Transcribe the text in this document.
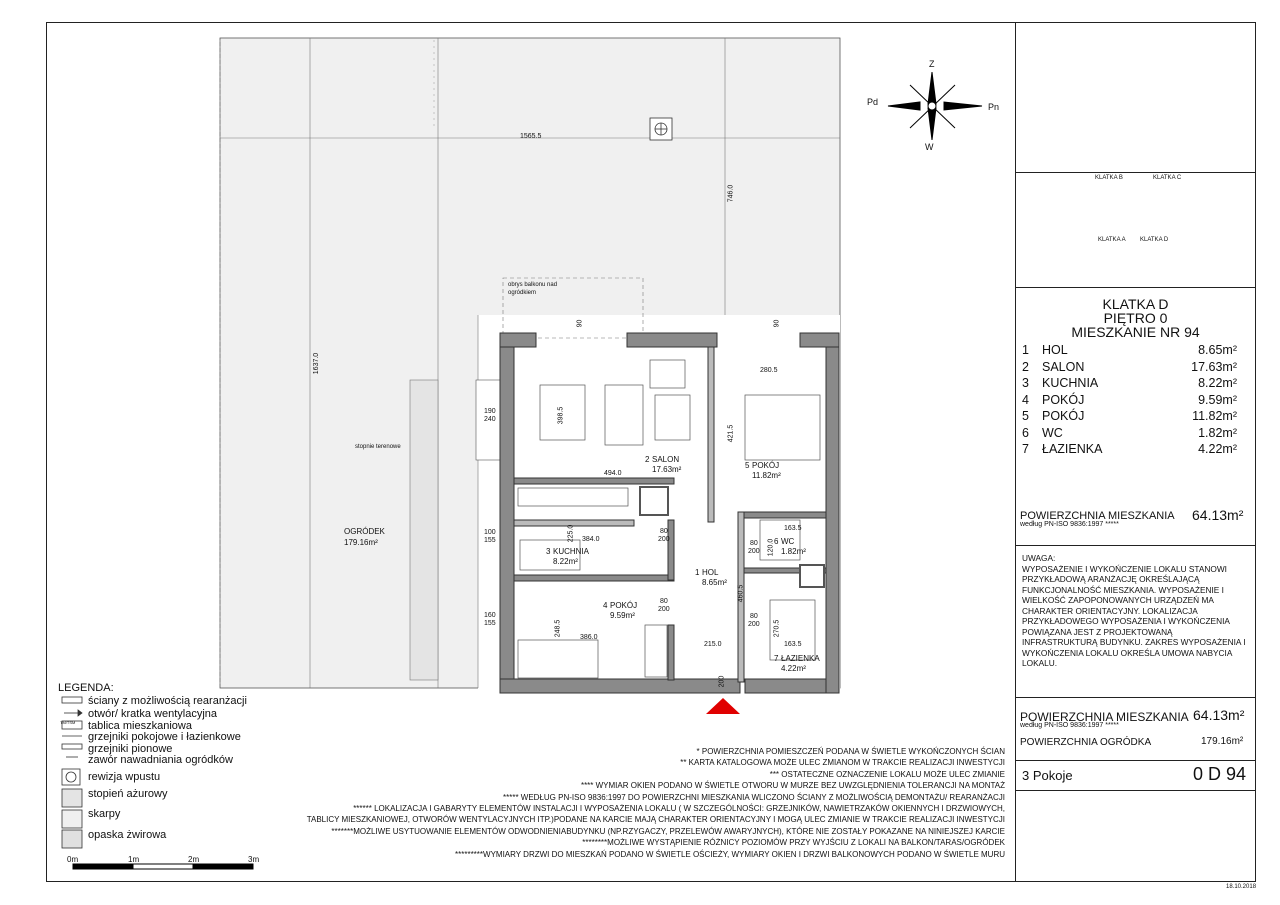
Z
W
Pd	Pn
1565.5
746.0
1637.0
190
240	398.5
494.0
280.5
421.5
384.0
225.0
386.0
248.5
460.5
163.5
163.5
270.5
215.0
80
200
80
200
80
200
80
200
100
155
160
155
120.0
200
90	90
obrys balkonu nad
ogródkiem
stopnie terenowe
OGRÓDEK
179.16m²
2 SALON
17.63m²	5 POKÓJ
11.82m²
3 KUCHNIA
8.22m²
1 HOL
8.65m²
4 POKÓJ
9.59m²
6 WC
1.82m²
7 ŁAZIENKA
4.22m²
KLATKA B	KLATKA C
KLATKA A KLATKA D
KLATKA D
PIĘTRO 0
MIESZKANIE NR 94
1 HOL	8.65m²
2 SALON	17.63m²
3 KUCHNIA	8.22m²
4 POKÓJ	9.59m²
5 POKÓJ	11.82m²
6 WC	1.82m²
7 ŁAZIENKA	4.22m²
POWIERZCHNIA MIESZKANIA
według PN-ISO 9836:1997 *****
64.13m²
UWAGA:
WYPOSAŻENIE I WYKOŃCZENIE LOKALU STANOWI PRZYKŁADOWĄ ARANŻACJĘ OKREŚLAJĄCĄ FUNKCJONALNOŚĆ MIESZKANIA. WYPOSAŻENIE I WIELKOŚĆ ZAPOPONOWANYCH URZĄDZEŃ MA CHARAKTER ORIENTACYJNY. LOKALIZACJA PRZYKŁADOWEGO WYPOSAŻENIA I WYKOŃCZENIA POWIĄZANA JEST Z PROJEKTOWANĄ INFRASTRUKTURĄ BUDYNKU. ZAKRES WYPOSAŻENIA I WYKOŃCZENIA LOKALU OKREŚLA UMOWA NABYCIA LOKALU.
POWIERZCHNIA MIESZKANIA
według PN-ISO 9836:1997 *****
64.13m²
POWIERZCHNIA OGRÓDKA	179.16m²
3 Pokoje	0 D 94
18.10.2018
LEGENDA:
TM/TSM
ściany z możliwością rearanżacji
otwór/ kratka wentylacyjna
tablica mieszkaniowa
grzejniki pokojowe i łazienkowe
grzejniki pionowe
zawór nawadniania ogródków
rewizja wpustu
stopień ażurowy
skarpy
opaska żwirowa
0m	1m	2m	3m
* POWIERZCHNIA POMIESZCZEŃ PODANA W ŚWIETLE WYKOŃCZONYCH ŚCIAN
** KARTA KATALOGOWA MOŻE ULEC ZMIANOM W TRAKCIE REALIZACJI INWESTYCJI
*** OSTATECZNE OZNACZENIE LOKALU MOŻE ULEC ZMIANIE
**** WYMIAR OKIEN PODANO W ŚWIETLE OTWORU W MURZE BEZ UWZGLĘDNIENIA TOLERANCJI NA MONTAŻ
***** WEDŁUG PN-ISO 9836:1997 DO POWIERZCHNI MIESZKANIA WLICZONO ŚCIANY Z MOŻLIWOŚCIĄ DEMONTAŻU/ REARANŻACJI
****** LOKALIZACJA I GABARYTY ELEMENTÓW INSTALACJI I WYPOSAŻENIA LOKALU ( W SZCZEGÓLNOŚCI: GRZEJNIKÓW, NAWIETRZAKÓW OKIENNYCH I DRZWIOWYCH,
TABLICY MIESZKANIOWEJ, OTWORÓW WENTYLACYJNYCH ITP.)PODANE NA KARCIE MAJĄ CHARAKTER ORIENTACYJNY I MOGĄ ULEC ZMIANIE W TRAKCIE REALIZACJI INWESTYCJI
*******MOŻLIWE USYTUOWANIE ELEMENTÓW ODWODNIENIABUDYNKU (NP.RZYGACZY, PRZELEWÓW AWARYJNYCH), KTÓRE NIE ZOSTAŁY POKAZANE NA NINIEJSZEJ KARCIE
********MOŻLIWE WYSTĄPIENIE RÓŻNICY POZIOMÓW PRZY WYJŚCIU Z LOKALI NA BALKON/TARAS/OGRÓDEK
*********WYMIARY DRZWI DO MIESZKAŃ PODANO W ŚWIETLE OŚCIEŻY, WYMIARY OKIEN I DRZWI BALKONOWYCH PODANO W ŚWIETLE MURU
